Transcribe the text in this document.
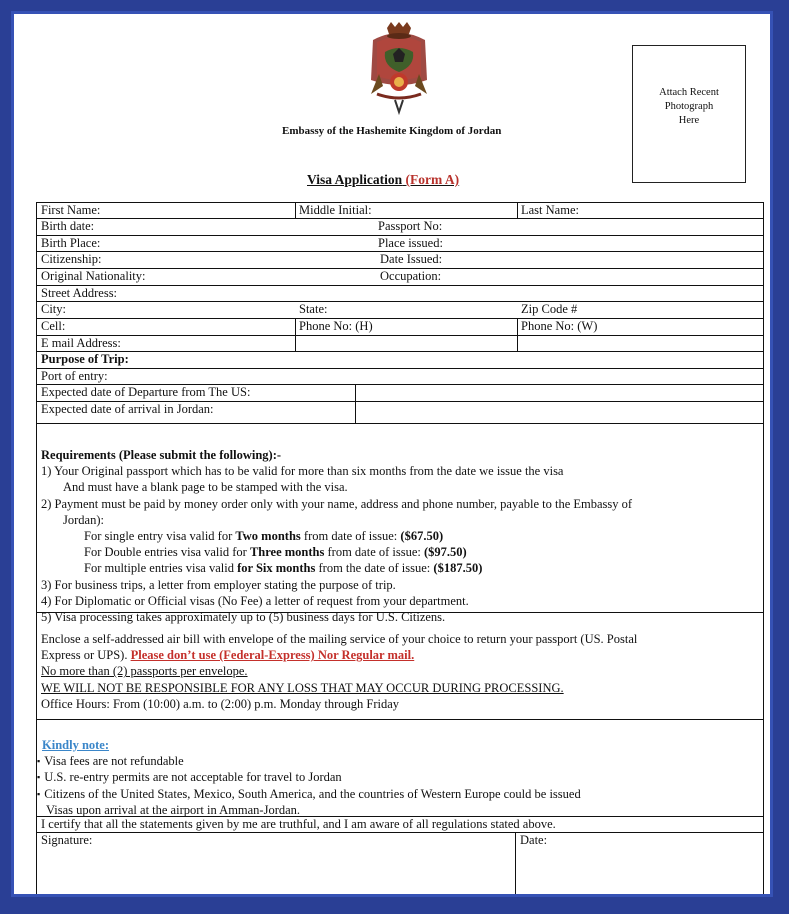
Embassy of the Hashemite Kingdom of Jordan
Attach Recent
Photograph
Here
Visa Application (Form A)
First Name:	Middle Initial:	Last Name:
Birth date:	Passport No:
Birth Place:	Place issued:
Citizenship:	Date Issued:
Original Nationality:	Occupation:
Street Address:
City:	State:	Zip Code #
Cell:	Phone No: (H)	Phone No: (W)
E mail Address:
Purpose of Trip:
Port of entry:
Expected date of Departure from The US:
Expected date of arrival in Jordan:
Requirements (Please submit the following):-
1) Your Original passport which has to be valid for more than six months from the date we issue the visa
And must have a blank page to be stamped with the visa.
2) Payment must be paid by money order only with your name, address and phone number, payable to the Embassy of
Jordan):
For single entry visa valid for Two months from date of issue: ($67.50)
For Double entries visa valid for Three months from date of issue: ($97.50)
For multiple entries visa valid for Six months from the date of issue: ($187.50)
3) For business trips, a letter from employer stating the purpose of trip.
4) For Diplomatic or Official visas (No Fee) a letter of request from your department.
5) Visa processing takes approximately up to (5) business days for U.S. Citizens.
Enclose a self-addressed air bill with envelope of the mailing service of your choice to return your passport (US. Postal
Express or UPS). Please don’t use (Federal-Express) Nor Regular mail.
No more than (2) passports per envelope.
WE WILL NOT BE RESPONSIBLE FOR ANY LOSS THAT MAY OCCUR DURING PROCESSING.
Office Hours: From (10:00) a.m. to (2:00) p.m. Monday through Friday
Kindly note:
▪ Visa fees are not refundable
▪ U.S. re-entry permits are not acceptable for travel to Jordan
▪ Citizens of the United States, Mexico, South America, and the countries of Western Europe could be issued
Visas upon arrival at the airport in Amman-Jordan.
I certify that all the statements given by me are truthful, and I am aware of all regulations stated above.
Signature:	Date:
